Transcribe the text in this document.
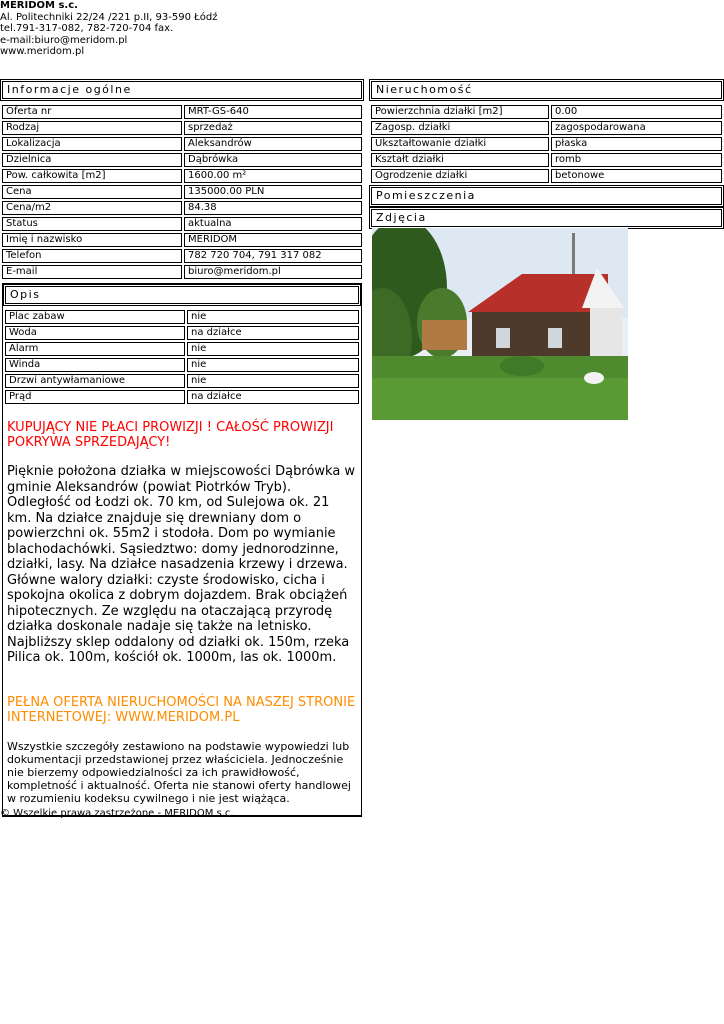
MERIDOM s.c.
Al. Politechniki 22/24 /221 p.II, 93-590 Łódź
tel.791-317-082, 782-720-704 fax.
e-mail:biuro@meridom.pl
www.meridom.pl
Informacje ogólne
Oferta nr	MRT-GS-640
Rodzaj	sprzedaż
Lokalizacja	Aleksandrów
Dzielnica	Dąbrówka
Pow. całkowita [m2]	1600.00 m²
Cena	135000.00 PLN
Cena/m2	84.38
Status	aktualna
Imię i nazwisko	MERIDOM
Telefon	782 720 704, 791 317 082
E-mail	biuro@meridom.pl
Opis
Plac zabaw	nie
Woda	na działce
Alarm	nie
Winda	nie
Drzwi antywłamaniowe	nie
Prąd	na działce
KUPUJĄCY NIE PŁACI PROWIZJI ! CAŁOŚĆ PROWIZJI POKRYWA SPRZEDAJĄCY!
Pięknie położona działka w miejscowości Dąbrówka w gminie Aleksandrów (powiat Piotrków Tryb). Odległość od Łodzi ok. 70 km, od Sulejowa ok. 21 km. Na działce znajduje się drewniany dom o powierzchni ok. 55m2 i stodoła. Dom po wymianie blachodachówki. Sąsiedztwo: domy jednorodzinne, działki, lasy. Na działce nasadzenia krzewy i drzewa. Główne walory działki: czyste środowisko, cicha i spokojna okolica z dobrym dojazdem. Brak obciążeń hipotecznych. Ze względu na otaczającą przyrodę działka doskonale nadaje się także na letnisko. Najbliższy sklep oddalony od działki ok. 150m, rzeka Pilica ok. 100m, kościół ok. 1000m, las ok. 1000m.
PEŁNA OFERTA NIERUCHOMOŚCI NA NASZEJ STRONIE INTERNETOWEJ: WWW.MERIDOM.PL
Wszystkie szczegóły zestawiono na podstawie wypowiedzi lub dokumentacji przedstawionej przez właściciela. Jednocześnie nie bierzemy odpowiedzialności za ich prawidłowość, kompletność i aktualność. Oferta nie stanowi oferty handlowej w rozumieniu kodeksu cywilnego i nie jest wiążąca.
Nieruchomość
Powierzchnia działki [m2]	0.00
Zagosp. działki	zagospodarowana
Ukształtowanie działki	płaska
Kształt działki	romb
Ogrodzenie działki	betonowe
Pomieszczenia
Zdjęcia
© Wszelkie prawa zastrzeżone - MERIDOM s.c.
